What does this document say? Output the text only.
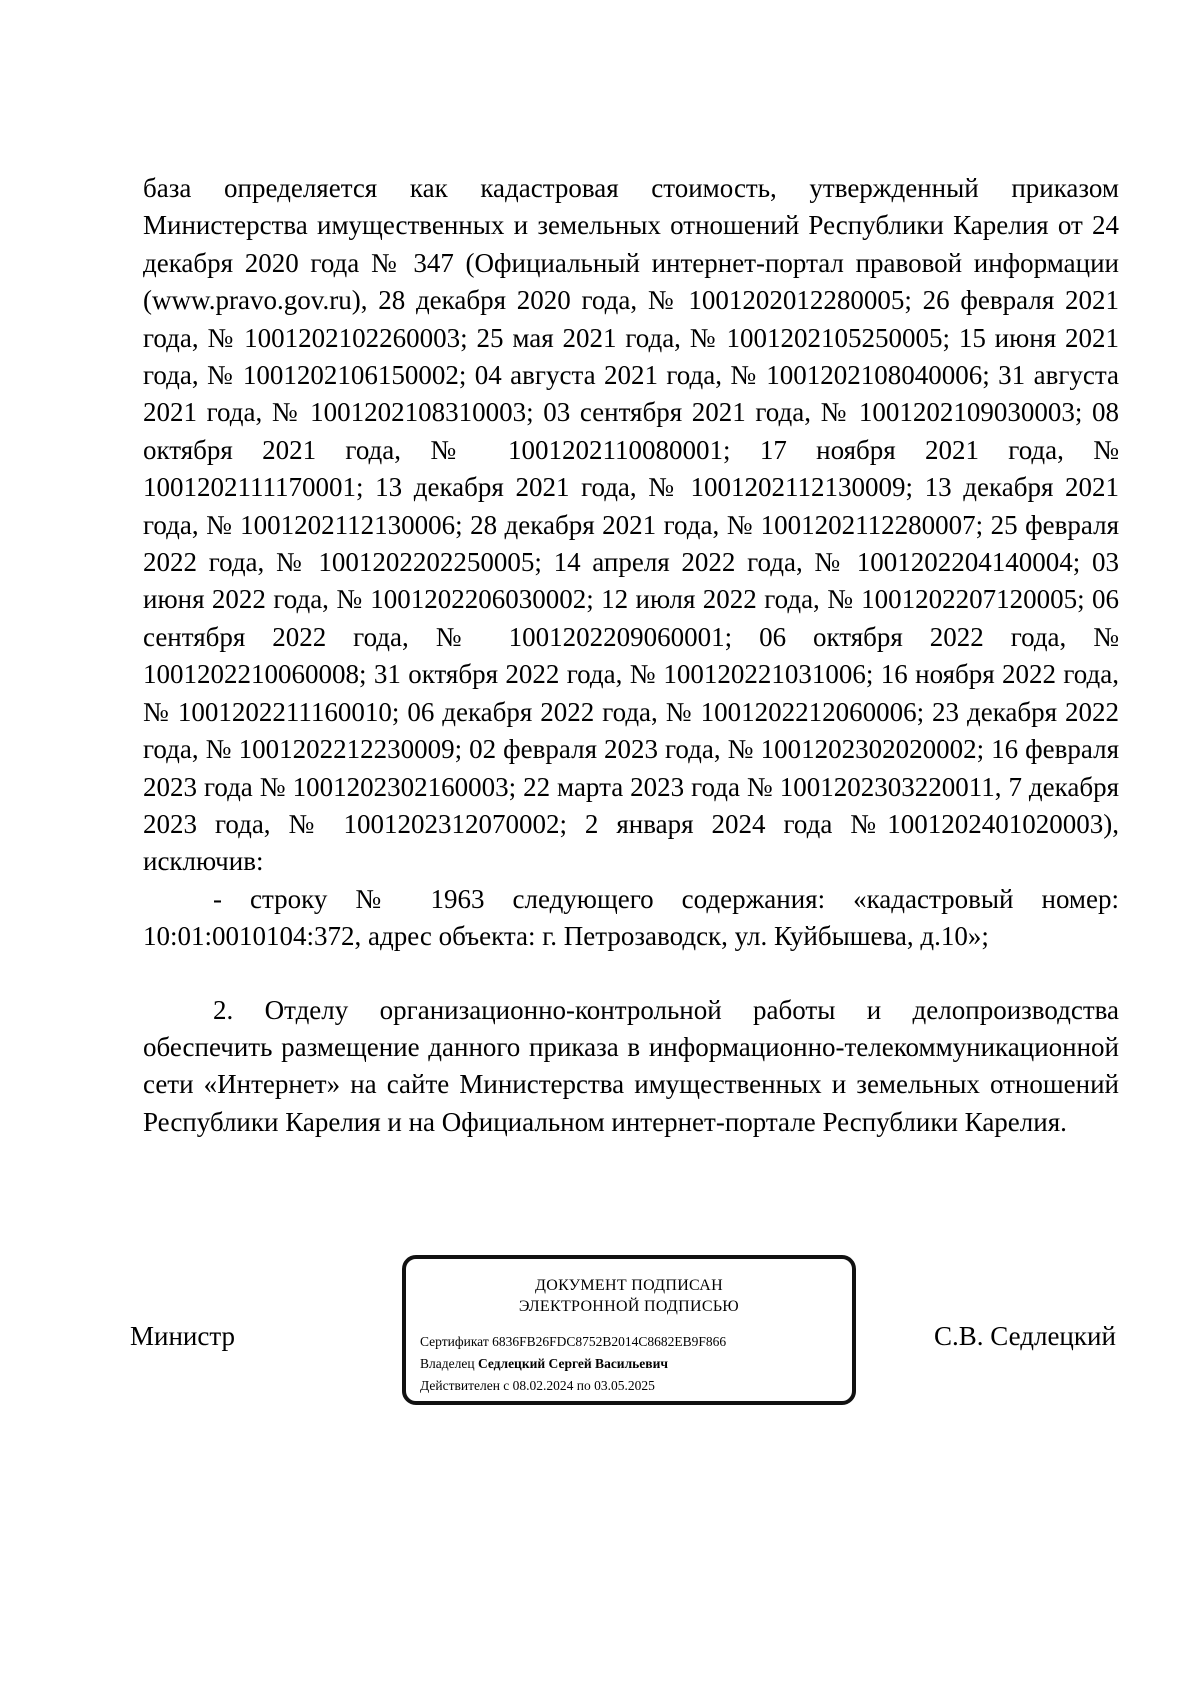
база определяется как кадастровая стоимость, утвержденный приказом Министерства имущественных и земельных отношений Республики Карелия от 24 декабря 2020 года № 347 (Официальный интернет-портал правовой информации (www.pravo.gov.ru), 28 декабря 2020 года, № 1001202012280005; 26 февраля 2021 года, № 1001202102260003; 25 мая 2021 года, № 1001202105250005; 15 июня 2021 года, № 1001202106150002; 04 августа 2021 года, № 1001202108040006; 31 августа 2021 года, № 1001202108310003; 03 сентября 2021 года, № 1001202109030003; 08 октября 2021 года, № 1001202110080001; 17 ноября 2021 года, № 1001202111170001; 13 декабря 2021 года, № 1001202112130009; 13 декабря 2021 года, № 1001202112130006; 28 декабря 2021 года, № 1001202112280007; 25 февраля 2022 года, № 1001202202250005; 14 апреля 2022 года, № 1001202204140004; 03 июня 2022 года, № 1001202206030002; 12 июля 2022 года, № 1001202207120005; 06 сентября 2022 года, № 1001202209060001; 06 октября 2022 года, № 1001202210060008; 31 октября 2022 года, № 100120221031006; 16 ноября 2022 года, № 1001202211160010; 06 декабря 2022 года, № 1001202212060006; 23 декабря 2022 года, № 1001202212230009; 02 февраля 2023 года, № 1001202302020002; 16 февраля 2023 года № 1001202302160003; 22 марта 2023 года № 1001202303220011, 7 декабря 2023 года, № 1001202312070002; 2 января 2024 года №1001202401020003), исключив:

- строку № 1963 следующего содержания: «кадастровый номер: 10:01:0010104:372, адрес объекта: г. Петрозаводск, ул. Куйбышева, д.10»;

2. Отделу организационно-контрольной работы и делопроизводства обеспечить размещение данного приказа в информационно-телекоммуникационной сети «Интернет» на сайте Министерства имущественных и земельных отношений Республики Карелия и на Официальном интернет-портале Республики Карелия.

Министр
ДОКУМЕНТ ПОДПИСАН
ЭЛЕКТРОННОЙ ПОДПИСЬЮ
Сертификат 6836FB26FDC8752B2014C8682EB9F866
Владелец Седлецкий Сергей Васильевич
Действителен с 08.02.2024 по 03.05.2025
С.В. Седлецкий
